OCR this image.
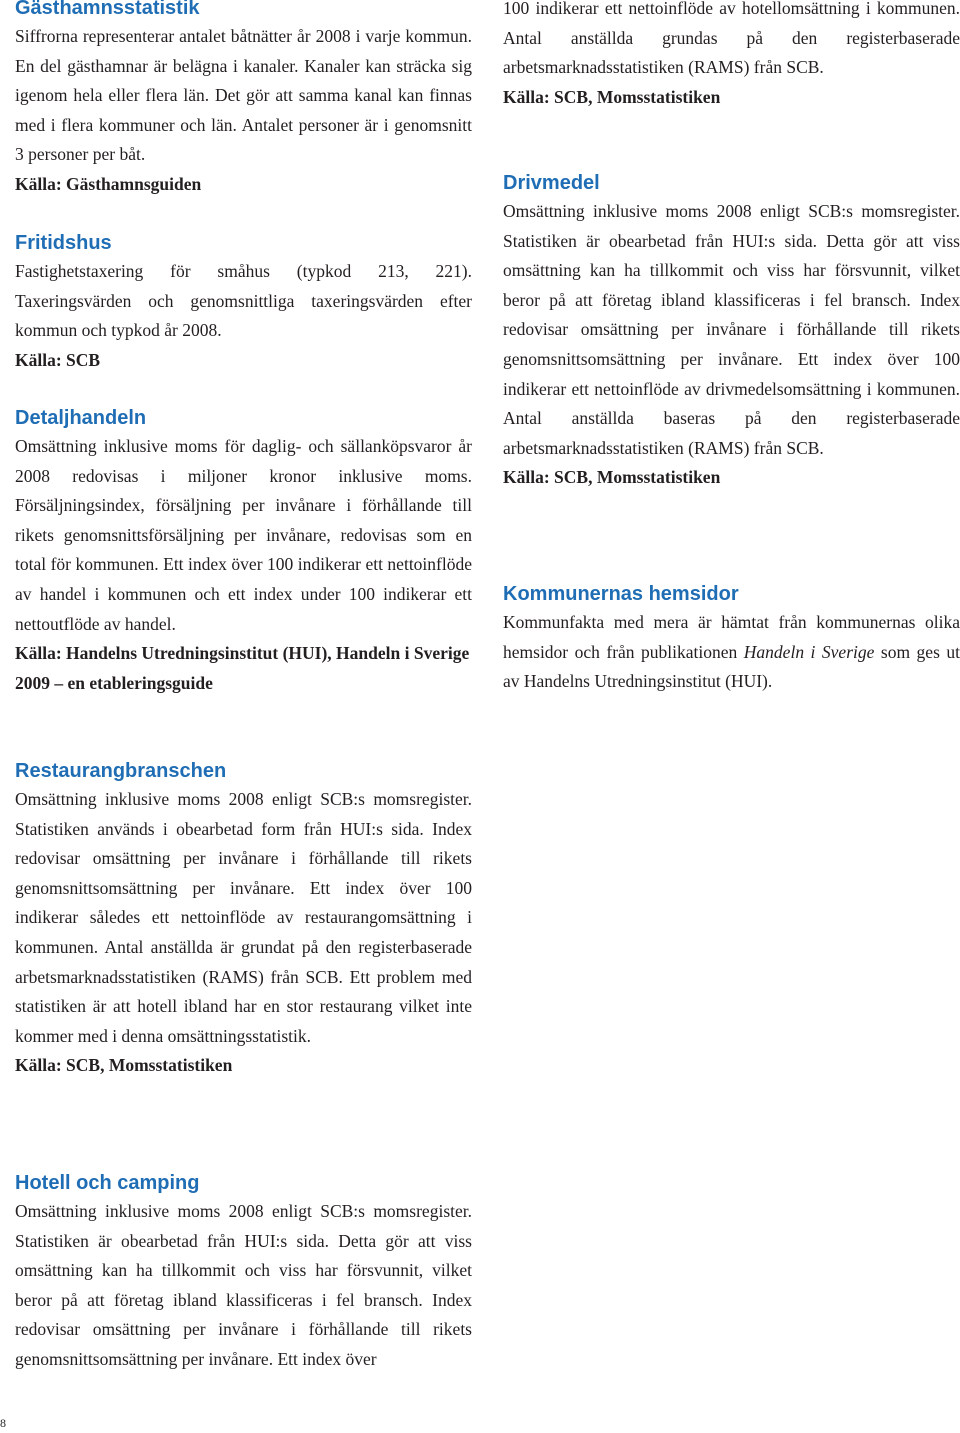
Gästhamnsstatistik

Siffrorna representerar antalet båtnätter år 2008 i varje kommun. En del gästhamnar är belägna i kanaler. Kanaler kan sträcka sig igenom hela eller flera län. Det gör att samma kanal kan finnas med i flera kommuner och län. Antalet personer är i genomsnitt 3 personer per båt.

Källa: Gästhamnsguiden

Fritidshus

Fastighetstaxering för småhus (typkod 213, 221). Taxeringsvärden och genomsnittliga taxeringsvärden efter kommun och typkod år 2008.

Källa: SCB

Detaljhandeln

Omsättning inklusive moms för daglig- och sällanköpsvaror år 2008 redovisas i miljoner kronor inklusive moms. Försäljningsindex, försäljning per invånare i förhållande till rikets genomsnittsförsäljning per invånare, redovisas som en total för kommunen. Ett index över 100 indikerar ett nettoinflöde av handel i kommunen och ett index under 100 indikerar ett nettoutflöde av handel.

Källa: Handelns Utredningsinstitut (HUI), Handeln i Sverige 2009 – en etableringsguide

Restaurangbranschen

Omsättning inklusive moms 2008 enligt SCB:s momsregister. Statistiken används i obearbetad form från HUI:s sida. Index redovisar omsättning per invånare i förhållande till rikets genomsnittsomsättning per invånare. Ett index över 100 indikerar således ett nettoinflöde av restaurangomsättning i kommunen. Antal anställda är grundat på den registerbaserade arbetsmarknadsstatistiken (RAMS) från SCB. Ett problem med statistiken är att hotell ibland har en stor restaurang vilket inte kommer med i denna omsättningsstatistik.

Källa: SCB, Momsstatistiken

Hotell och camping

Omsättning inklusive moms 2008 enligt SCB:s momsregister. Statistiken är obearbetad från HUI:s sida. Detta gör att viss omsättning kan ha tillkommit och viss har försvunnit, vilket beror på att företag ibland klassificeras i fel bransch. Index redovisar omsättning per invånare i förhållande till rikets genomsnittsomsättning per invånare. Ett index över

100 indikerar ett nettoinflöde av hotellomsättning i kommunen. Antal anställda grundas på den registerbaserade arbetsmarknadsstatistiken (RAMS) från SCB.

Källa: SCB, Momsstatistiken

Drivmedel

Omsättning inklusive moms 2008 enligt SCB:s momsregister. Statistiken är obearbetad från HUI:s sida. Detta gör att viss omsättning kan ha tillkommit och viss har försvunnit, vilket beror på att företag ibland klassificeras i fel bransch. Index redovisar omsättning per invånare i förhållande till rikets genomsnittsomsättning per invånare. Ett index över 100 indikerar ett nettoinflöde av drivmedelsomsättning i kommunen. Antal anställda baseras på den registerbaserade arbetsmarknadsstatistiken (RAMS) från SCB.

Källa: SCB, Momsstatistiken

Kommunernas hemsidor

Kommunfakta med mera är hämtat från kommunernas olika hemsidor och från publikationen Handeln i Sverige som ges ut av Handelns Utredningsinstitut (HUI).

8
